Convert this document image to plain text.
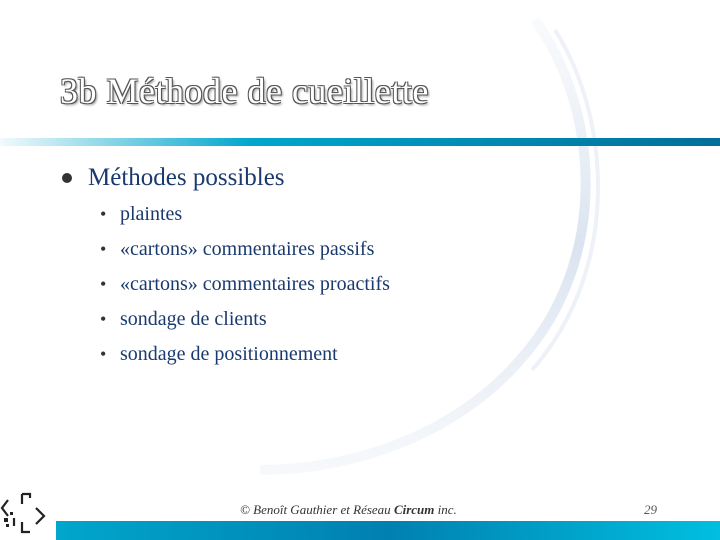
3b Méthode de cueillette
Méthodes possibles
• plaintes
• «cartons» commentaires passifs
• «cartons» commentaires proactifs
• sondage de clients
• sondage de positionnement
© Benoît Gauthier et Réseau Circum inc.	29
